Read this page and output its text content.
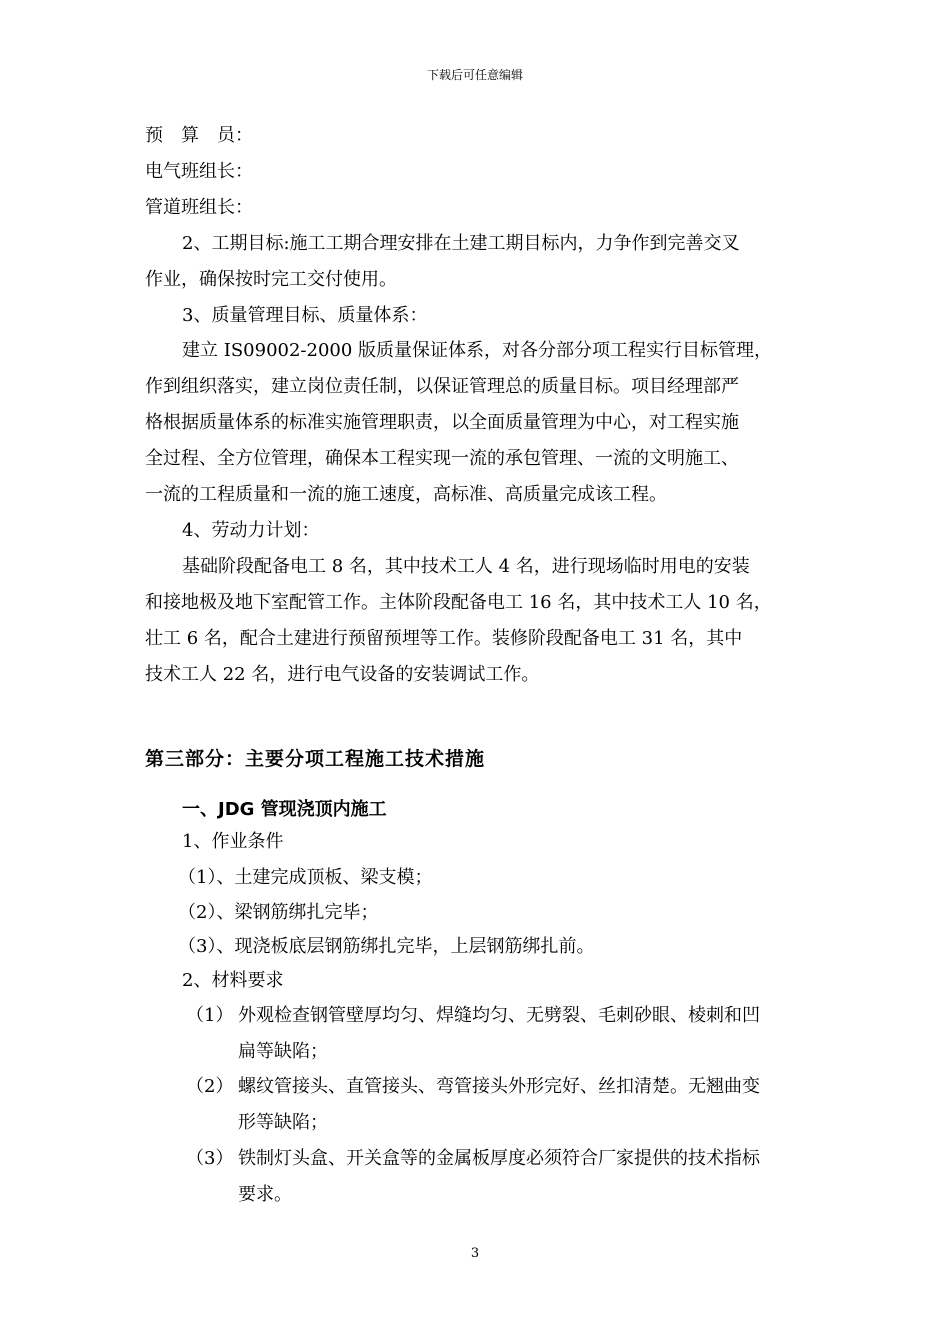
下载后可任意编辑
预　算　员：
电气班组长：
管道班组长：
2、工期目标:施工工期合理安排在土建工期目标内，力争作到完善交叉
作业，确保按时完工交付使用。
3、质量管理目标、质量体系：
建立 IS09002-2000 版质量保证体系，对各分部分项工程实行目标管理，
作到组织落实，建立岗位责任制，以保证管理总的质量目标。项目经理部严
格根据质量体系的标准实施管理职责，以全面质量管理为中心，对工程实施
全过程、全方位管理，确保本工程实现一流的承包管理、一流的文明施工、
一流的工程质量和一流的施工速度，高标准、高质量完成该工程。
4、劳动力计划：
基础阶段配备电工 8 名，其中技术工人 4 名，进行现场临时用电的安装
和接地极及地下室配管工作。主体阶段配备电工 16 名，其中技术工人 10 名，
壮工 6 名，配合土建进行预留预埋等工作。装修阶段配备电工 31 名，其中
技术工人 22 名，进行电气设备的安装调试工作。
第三部分：主要分项工程施工技术措施
一、JDG 管现浇顶内施工
1、作业条件
（1）、土建完成顶板、梁支模；
（2）、梁钢筋绑扎完毕；
（3）、现浇板底层钢筋绑扎完毕，上层钢筋绑扎前。
2、材料要求
（1） 外观检查钢管壁厚均匀、焊缝均匀、无劈裂、毛刺砂眼、棱刺和凹
扁等缺陷；
（2） 螺纹管接头、直管接头、弯管接头外形完好、丝扣清楚。无翘曲变
形等缺陷；
（3） 铁制灯头盒、开关盒等的金属板厚度必须符合厂家提供的技术指标
要求。
3
